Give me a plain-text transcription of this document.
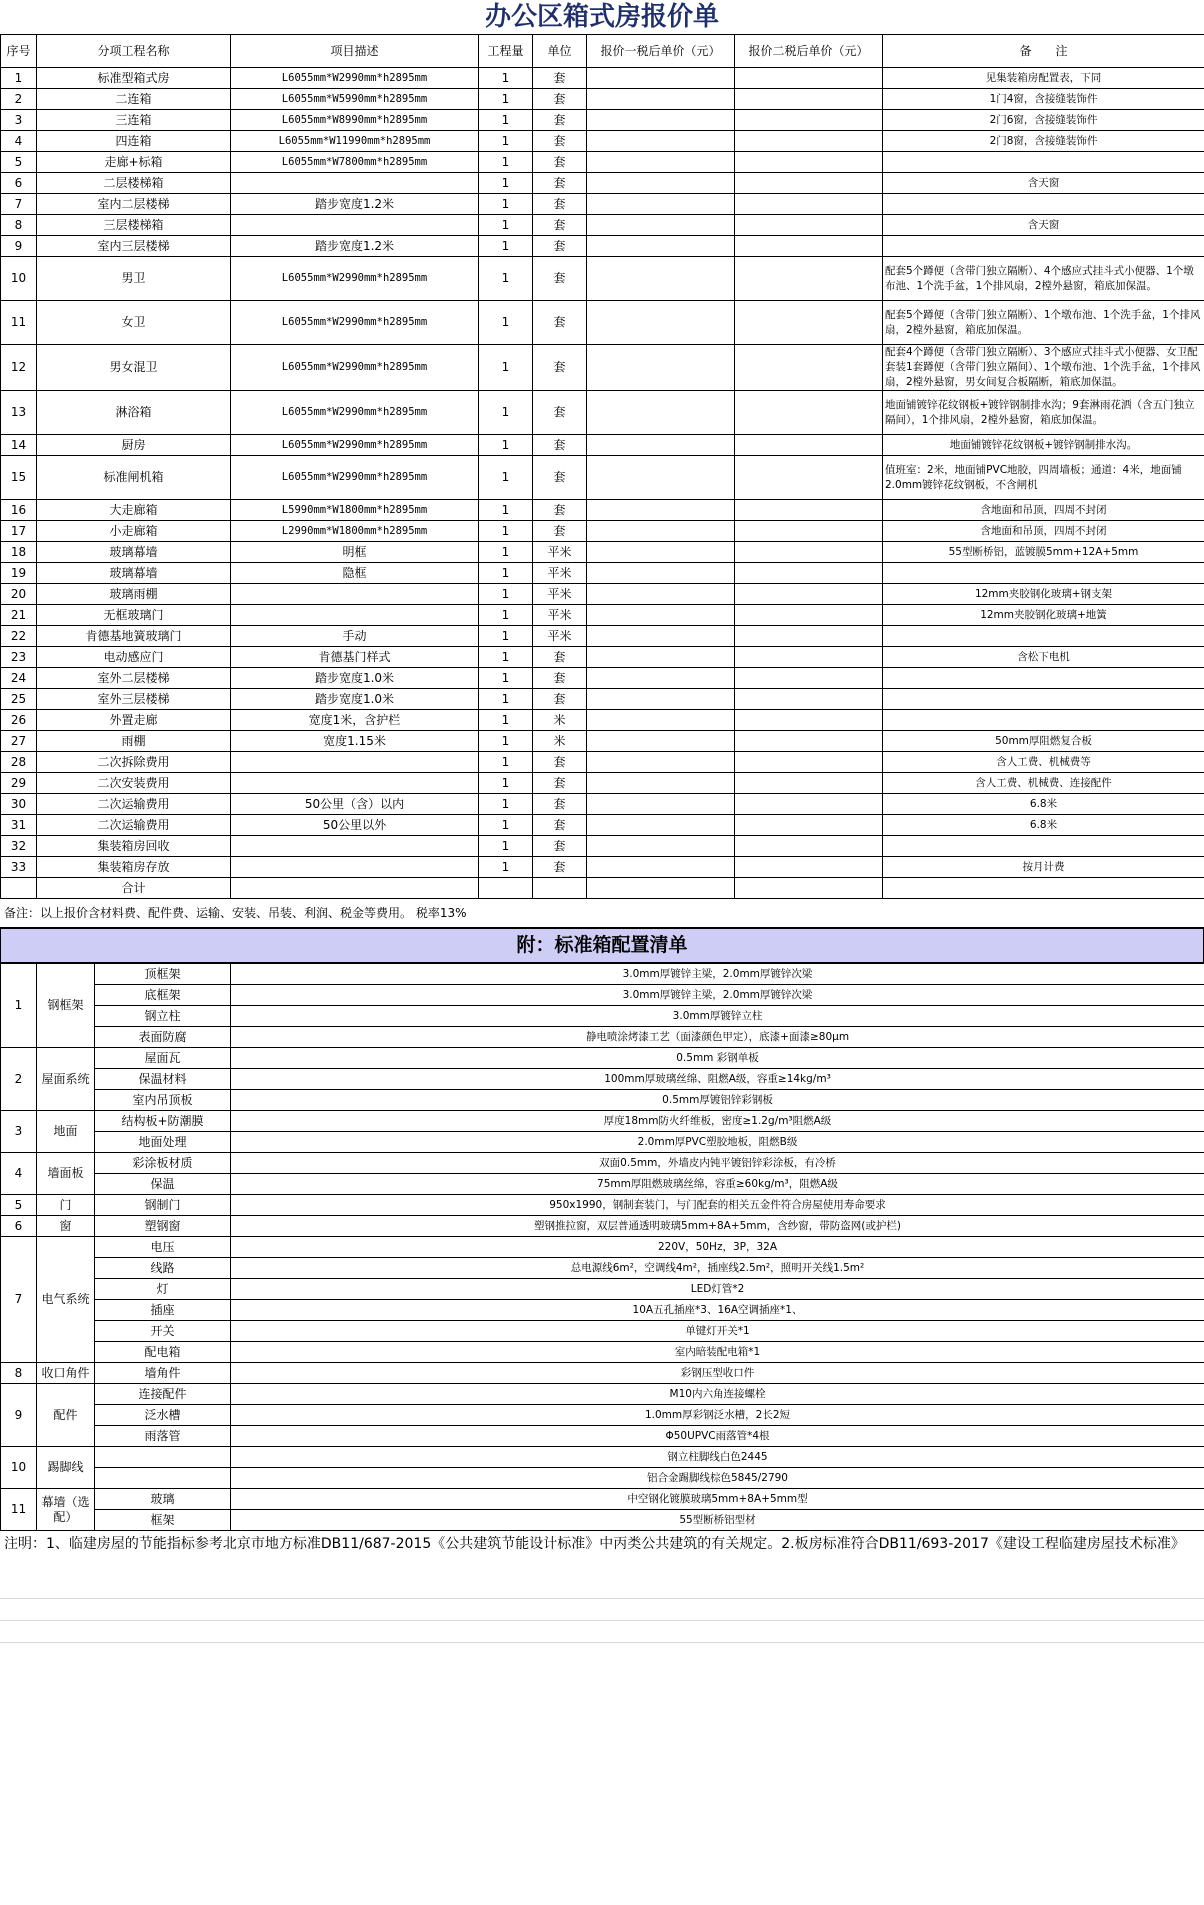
办公区箱式房报价单
序号	分项工程名称	项目描述	工程量	单位	报价一税后单价（元）	报价二税后单价（元）	备　　注
1	标准型箱式房	L6055mm*W2990mm*h2895mm	1	套			见集装箱房配置表，下同
2	二连箱	L6055mm*W5990mm*h2895mm	1	套			1门4窗，含接缝装饰件
3	三连箱	L6055mm*W8990mm*h2895mm	1	套			2门6窗，含接缝装饰件
4	四连箱	L6055mm*W11990mm*h2895mm	1	套			2门8窗，含接缝装饰件
5	走廊+标箱	L6055mm*W7800mm*h2895mm	1	套			
6	二层楼梯箱		1	套			含天窗
7	室内二层楼梯	踏步宽度1.2米	1	套			
8	三层楼梯箱		1	套			含天窗
9	室内三层楼梯	踏步宽度1.2米	1	套			
10	男卫	L6055mm*W2990mm*h2895mm	1	套			配套5个蹲便（含带门独立隔断）、4个感应式挂斗式小便器、1个墩布池、1个洗手盆，1个排风扇，2樘外悬窗，箱底加保温。
11	女卫	L6055mm*W2990mm*h2895mm	1	套			配套5个蹲便（含带门独立隔断）、1个墩布池、1个洗手盆，1个排风扇，2樘外悬窗，箱底加保温。
12	男女混卫	L6055mm*W2990mm*h2895mm	1	套			配套4个蹲便（含带门独立隔断）、3个感应式挂斗式小便器、女卫配套装1套蹲便（含带门独立隔间）、1个墩布池、1个洗手盆，1个排风扇，2樘外悬窗，男女间复合板隔断，箱底加保温。
13	淋浴箱	L6055mm*W2990mm*h2895mm	1	套			地面铺镀锌花纹钢板+镀锌钢制排水沟；9套淋雨花洒（含五门独立隔间），1个排风扇，2樘外悬窗，箱底加保温。
14	厨房	L6055mm*W2990mm*h2895mm	1	套			地面铺镀锌花纹钢板+镀锌钢制排水沟。
15	标准闸机箱	L6055mm*W2990mm*h2895mm	1	套			值班室：2米，地面铺PVC地胶，四周墙板；通道：4米，地面铺2.0mm镀锌花纹钢板，不含闸机
16	大走廊箱	L5990mm*W1800mm*h2895mm	1	套			含地面和吊顶，四周不封闭
17	小走廊箱	L2990mm*W1800mm*h2895mm	1	套			含地面和吊顶，四周不封闭
18	玻璃幕墙	明框	1	平米			55型断桥铝，蓝镀膜5mm+12A+5mm
19	玻璃幕墙	隐框	1	平米			
20	玻璃雨棚		1	平米			12mm夹胶钢化玻璃+钢支架
21	无框玻璃门		1	平米			12mm夹胶钢化玻璃+地簧
22	肯德基地簧玻璃门	手动	1	平米			
23	电动感应门	肯德基门样式	1	套			含松下电机
24	室外二层楼梯	踏步宽度1.0米	1	套			
25	室外三层楼梯	踏步宽度1.0米	1	套			
26	外置走廊	宽度1米，含护栏	1	米			
27	雨棚	宽度1.15米	1	米			50mm厚阻燃复合板
28	二次拆除费用		1	套			含人工费、机械费等
29	二次安装费用		1	套			含人工费、机械费、连接配件
30	二次运输费用	50公里（含）以内	1	套			6.8米
31	二次运输费用	50公里以外	1	套			6.8米
32	集装箱房回收		1	套			
33	集装箱房存放		1	套			按月计费
	合计						
备注：以上报价含材料费、配件费、运输、安装、吊装、利润、税金等费用。 税率13%
附：标准箱配置清单
1	钢框架	顶框架	3.0mm厚镀锌主梁，2.0mm厚镀锌次梁
		底框架	3.0mm厚镀锌主梁，2.0mm厚镀锌次梁
		钢立柱	3.0mm厚镀锌立柱
		表面防腐	静电喷涂烤漆工艺（面漆颜色甲定），底漆+面漆≥80μm
2	屋面系统	屋面瓦	0.5mm 彩钢单板
		保温材料	100mm厚玻璃丝绵、阻燃A级，容重≥14kg/m³
		室内吊顶板	0.5mm厚镀铝锌彩钢板
3	地面	结构板+防潮膜	厚度18mm防火纤维板，密度≥1.2g/m³阻燃A级
		地面处理	2.0mm厚PVC塑胶地板，阻燃B级
4	墙面板	彩涂板材质	双面0.5mm，外墙皮内钝平镀铝锌彩涂板，有冷桥
		保温	75mm厚阻燃玻璃丝绵，容重≥60kg/m³，阻燃A级
5	门	钢制门	950x1990，钢制套装门，与门配套的相关五金件符合房屋使用寿命要求
6	窗	塑钢窗	塑钢推拉窗，双层普通透明玻璃5mm+8A+5mm，含纱窗，带防盗网(或护栏)
7	电气系统	电压	220V，50Hz，3P，32A
		线路	总电源线6m²，空调线4m²，插座线2.5m²，照明开关线1.5m²
		灯	LED灯管*2
		插座	10A五孔插座*3、16A空调插座*1、
		开关	单键灯开关*1
		配电箱	室内暗装配电箱*1
8	收口角件	墙角件	彩钢压型收口件
9	配件	连接配件	M10内六角连接螺栓
		泛水槽	1.0mm厚彩钢泛水槽，2长2短
		雨落管	Φ50UPVC雨落管*4根
10	踢脚线		钢立柱脚线白色2445
			铝合金踢脚线棕色5845/2790
11	幕墙（选配）	玻璃	中空钢化镀膜玻璃5mm+8A+5mm型
		框架	55型断桥铝型材
注明：1、临建房屋的节能指标参考北京市地方标准DB11/687-2015《公共建筑节能设计标准》中丙类公共建筑的有关规定。2.板房标准符合DB11/693-2017《建设工程临建房屋技术标准》
